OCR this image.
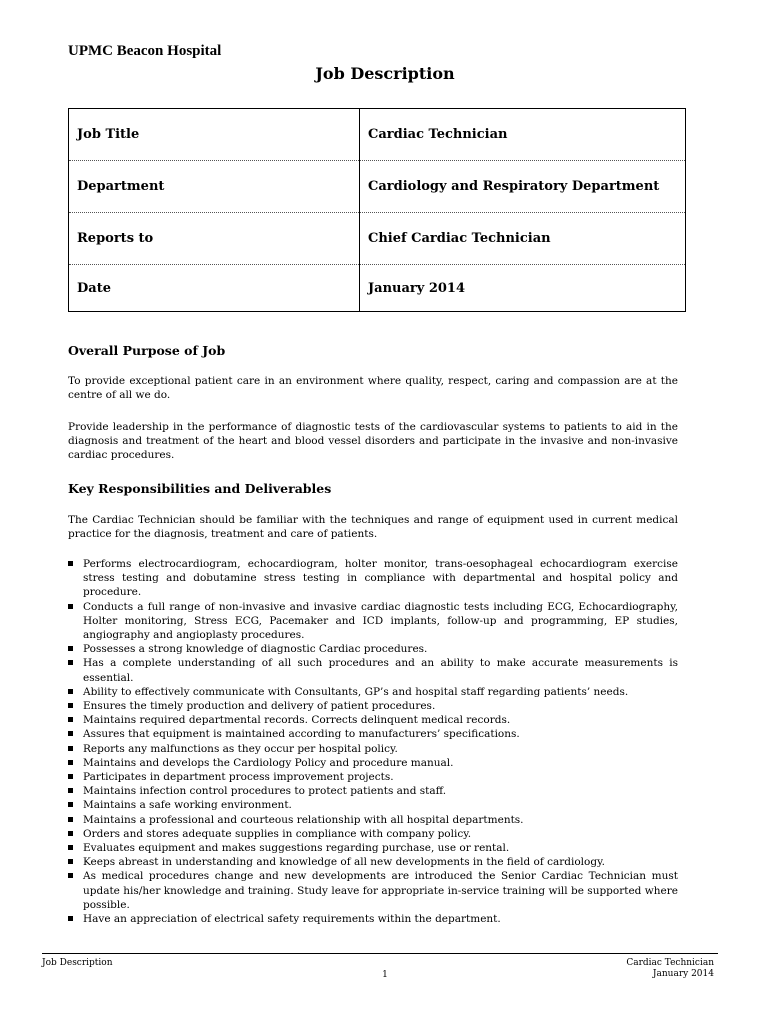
UPMC Beacon Hospital
Job Description
Job Title	Cardiac Technician
Department	Cardiology and Respiratory Department
Reports to	Chief Cardiac Technician
Date	January 2014
Overall Purpose of Job
To provide exceptional patient care in an environment where quality, respect, caring and compassion are at the centre of all we do.
Provide leadership in the performance of diagnostic tests of the cardiovascular systems to patients to aid in the diagnosis and treatment of the heart and blood vessel disorders and participate in the invasive and non-invasive cardiac procedures.
Key Responsibilities and Deliverables
The Cardiac Technician should be familiar with the techniques and range of equipment used in current medical practice for the diagnosis, treatment and care of patients.
Performs electrocardiogram, echocardiogram, holter monitor, trans-oesophageal echocardiogram exercise stress testing and dobutamine stress testing in compliance with departmental and hospital policy and procedure.
Conducts a full range of non-invasive and invasive cardiac diagnostic tests including ECG, Echocardiography, Holter monitoring, Stress ECG, Pacemaker and ICD implants, follow-up and programming, EP studies, angiography and angioplasty procedures.
Possesses a strong knowledge of diagnostic Cardiac procedures.
Has a complete understanding of all such procedures and an ability to make accurate measurements is essential.
Ability to effectively communicate with Consultants, GP’s and hospital staff regarding patients’ needs.
Ensures the timely production and delivery of patient procedures.
Maintains required departmental records. Corrects delinquent medical records.
Assures that equipment is maintained according to manufacturers’ specifications.
Reports any malfunctions as they occur per hospital policy.
Maintains and develops the Cardiology Policy and procedure manual.
Participates in department process improvement projects.
Maintains infection control procedures to protect patients and staff.
Maintains a safe working environment.
Maintains a professional and courteous relationship with all hospital departments.
Orders and stores adequate supplies in compliance with company policy.
Evaluates equipment and makes suggestions regarding purchase, use or rental.
Keeps abreast in understanding and knowledge of all new developments in the field of cardiology.
As medical procedures change and new developments are introduced the Senior Cardiac Technician must update his/her knowledge and training. Study leave for appropriate in-service training will be supported where possible.
Have an appreciation of electrical safety requirements within the department.
Job Description
1
Cardiac Technician
January 2014
